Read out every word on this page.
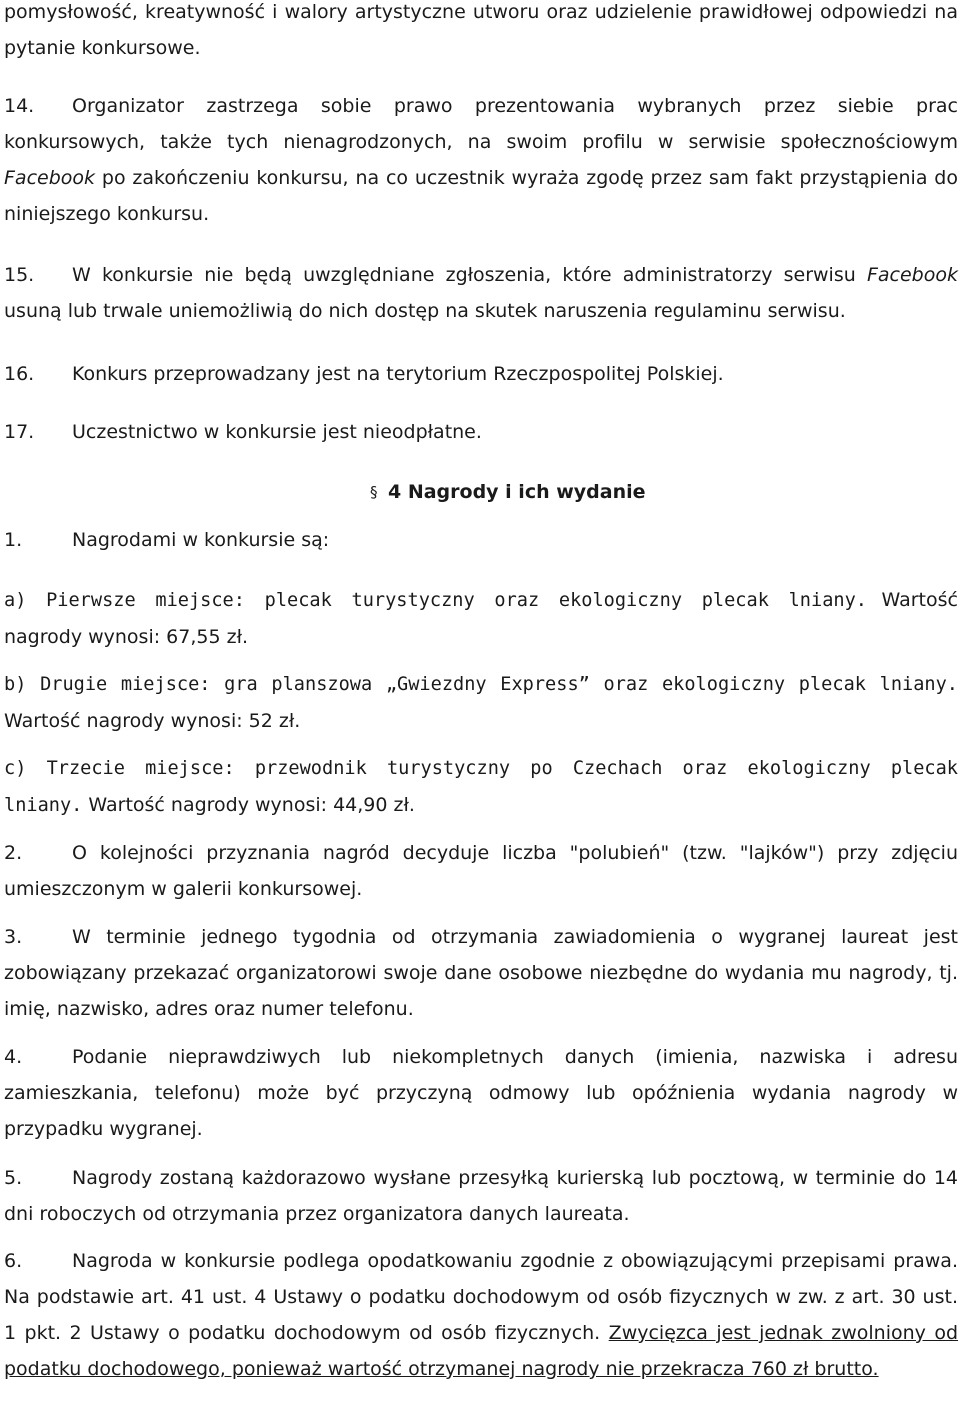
pomysłowość, kreatywność i walory artystyczne utworu oraz udzielenie prawidłowej odpowiedzi na pytanie konkursowe.

14. Organizator zastrzega sobie prawo prezentowania wybranych przez siebie prac konkursowych, także tych nienagrodzonych, na swoim profilu w serwisie społecznościowym Facebook po zakończeniu konkursu, na co uczestnik wyraża zgodę przez sam fakt przystąpienia do niniejszego konkursu.

15. W konkursie nie będą uwzględniane zgłoszenia, które administratorzy serwisu Facebook usuną lub trwale uniemożliwią do nich dostęp na skutek naruszenia regulaminu serwisu.

16. Konkurs przeprowadzany jest na terytorium Rzeczpospolitej Polskiej.

17. Uczestnictwo w konkursie jest nieodpłatne.

§ 4 Nagrody i ich wydanie

1.	Nagrodami w konkursie są:

a) Pierwsze miejsce: plecak turystyczny oraz ekologiczny plecak lniany. Wartość nagrody wynosi: 67,55 zł.

b) Drugie miejsce: gra planszowa „Gwiezdny Express” oraz ekologiczny plecak lniany. Wartość nagrody wynosi: 52 zł.

c) Trzecie miejsce: przewodnik turystyczny po Czechach oraz ekologiczny plecak lniany. Wartość nagrody wynosi: 44,90 zł.

2.	O kolejności przyznania nagród decyduje liczba "polubień" (tzw. "lajków") przy zdjęciu umieszczonym w galerii konkursowej.

3.	W terminie jednego tygodnia od otrzymania zawiadomienia o wygranej laureat jest zobowiązany przekazać organizatorowi swoje dane osobowe niezbędne do wydania mu nagrody, tj. imię, nazwisko, adres oraz numer telefonu.

4.	Podanie nieprawdziwych lub niekompletnych danych (imienia, nazwiska i adresu zamieszkania, telefonu) może być przyczyną odmowy lub opóźnienia wydania nagrody w przypadku wygranej.

5.	Nagrody zostaną każdorazowo wysłane przesyłką kurierską lub pocztową, w terminie do 14 dni roboczych od otrzymania przez organizatora danych laureata.

6.	Nagroda w konkursie podlega opodatkowaniu zgodnie z obowiązującymi przepisami prawa. Na podstawie art. 41 ust. 4 Ustawy o podatku dochodowym od osób fizycznych w zw. z art. 30 ust. 1 pkt. 2 Ustawy o podatku dochodowym od osób fizycznych. Zwycięzca jest jednak zwolniony od podatku dochodowego, ponieważ wartość otrzymanej nagrody nie przekracza 760 zł brutto.
